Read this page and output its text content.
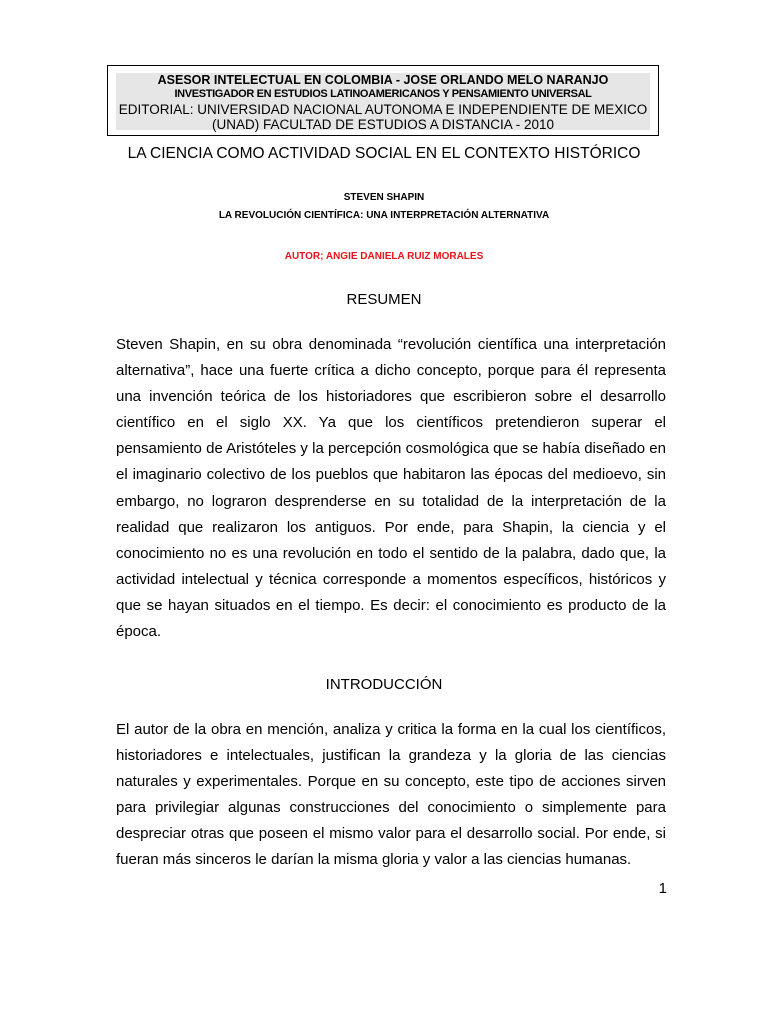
ASESOR INTELECTUAL EN COLOMBIA - JOSE ORLANDO MELO NARANJO
INVESTIGADOR EN ESTUDIOS LATINOAMERICANOS Y PENSAMIENTO UNIVERSAL
EDITORIAL: UNIVERSIDAD NACIONAL AUTONOMA E INDEPENDIENTE DE MEXICO
(UNAD) FACULTAD DE ESTUDIOS A DISTANCIA - 2010
LA CIENCIA COMO ACTIVIDAD SOCIAL EN EL CONTEXTO HISTÓRICO
STEVEN SHAPIN
LA REVOLUCIÓN CIENTÍFICA: UNA INTERPRETACIÓN ALTERNATIVA
AUTOR; ANGIE DANIELA RUIZ MORALES
RESUMEN
Steven Shapin, en su obra denominada “revolución científica una interpretación alternativa”, hace una fuerte crítica a dicho concepto, porque para él representa una invención teórica de los historiadores que escribieron sobre el desarrollo científico en el siglo XX. Ya que los científicos pretendieron superar el pensamiento de Aristóteles y la percepción cosmológica que se había diseñado en el imaginario colectivo de los pueblos que habitaron las épocas del medioevo, sin embargo, no lograron desprenderse en su totalidad de la interpretación de la realidad que realizaron los antiguos. Por ende, para Shapin, la ciencia y el conocimiento no es una revolución en todo el sentido de la palabra, dado que, la actividad intelectual y técnica corresponde a momentos específicos, históricos y que se hayan situados en el tiempo. Es decir: el conocimiento es producto de la época.
INTRODUCCIÓN
El autor de la obra en mención, analiza y critica la forma en la cual los científicos, historiadores e intelectuales, justifican la grandeza y la gloria de las ciencias naturales y experimentales. Porque en su concepto, este tipo de acciones sirven para privilegiar algunas construcciones del conocimiento o simplemente para despreciar otras que poseen el mismo valor para el desarrollo social. Por ende, si fueran más sinceros le darían la misma gloria y valor a las ciencias humanas.
1
